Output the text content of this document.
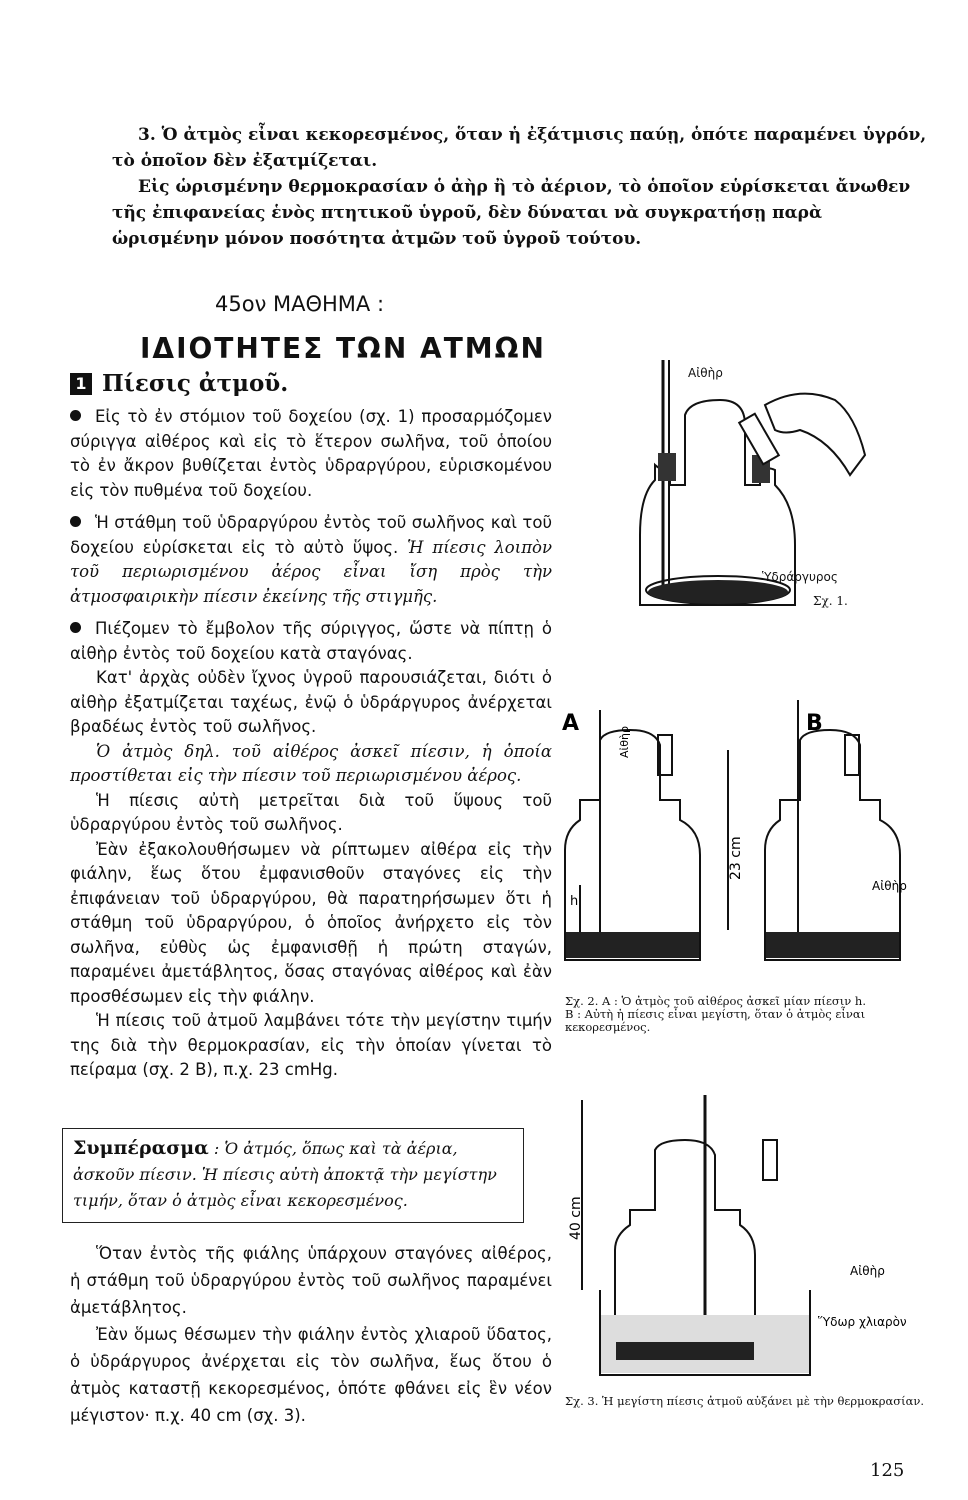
3. Ὁ ἀτμὸς εἶναι κεκορεσμένος, ὅταν ἡ ἐξάτμισις παύῃ, ὁπότε παραμένει ὑγρόν, τὸ ὁποῖον δὲν ἐξατμίζεται.

Εἰς ὡρισμένην θερμοκρασίαν ὁ ἀὴρ ἢ τὸ ἀέριον, τὸ ὁποῖον εὑρίσκεται ἄνωθεν τῆς ἐπιφανείας ἑνὸς πτητικοῦ ὑγροῦ, δὲν δύναται νὰ συγκρατήσῃ παρὰ ὡρισμένην μόνον ποσότητα ἀτμῶν τοῦ ὑγροῦ τούτου.

45ον ΜΑΘΗΜΑ :
ΙΔΙΟΤΗΤΕΣ ΤΩΝ ΑΤΜΩΝ
1 Πίεσις ἀτμοῦ.

Εἰς τὸ ἐν στόμιον τοῦ δοχείου (σχ. 1) προσαρμόζομεν σύριγγα αἰθέρος καὶ εἰς τὸ ἕτερον σωλῆνα, τοῦ ὁποίου τὸ ἐν ἄκρον βυθίζεται ἐντὸς ὑδραργύρου, εὑρισκομένου εἰς τὸν πυθμένα τοῦ δοχείου.

Ἡ στάθμη τοῦ ὑδραργύρου ἐντὸς τοῦ σωλῆνος καὶ τοῦ δοχείου εὑρίσκεται εἰς τὸ αὐτὸ ὕψος. Ἡ πίεσις λοιπὸν τοῦ περιωρισμένου ἀέρος εἶναι ἴση πρὸς τὴν ἀτμοσφαιρικὴν πίεσιν ἐκείνης τῆς στιγμῆς.

Πιέζομεν τὸ ἔμβολον τῆς σύριγγος, ὥστε νὰ πίπτῃ ὁ αἰθὴρ ἐντὸς τοῦ δοχείου κατὰ σταγόνας.

Κατ' ἀρχὰς οὐδὲν ἴχνος ὑγροῦ παρουσιάζεται, διότι ὁ αἰθὴρ ἐξατμίζεται ταχέως, ἐνῷ ὁ ὑδράργυρος ἀνέρχεται βραδέως ἐντὸς τοῦ σωλῆνος.

Ὁ ἀτμὸς δηλ. τοῦ αἰθέρος ἀσκεῖ πίεσιν, ἡ ὁποία προστίθεται εἰς τὴν πίεσιν τοῦ περιωρισμένου ἀέρος.

Ἡ πίεσις αὐτὴ μετρεῖται διὰ τοῦ ὕψους τοῦ ὑδραργύρου ἐντὸς τοῦ σωλῆνος.

Ἐὰν ἐξακολουθήσωμεν νὰ ρίπτωμεν αἰθέρα εἰς τὴν φιάλην, ἕως ὅτου ἐμφανισθοῦν σταγόνες εἰς τὴν ἐπιφάνειαν τοῦ ὑδραργύρου, θὰ παρατηρήσωμεν ὅτι ἡ στάθμη τοῦ ὑδραργύρου, ὁ ὁποῖος ἀνήρχετο εἰς τὸν σωλῆνα, εὐθὺς ὡς ἐμφανισθῇ ἡ πρώτη σταγών, παραμένει ἀμετάβλητος, ὅσας σταγόνας αἰθέρος καὶ ἐὰν προσθέσωμεν εἰς τὴν φιάλην.

Ἡ πίεσις τοῦ ἀτμοῦ λαμβάνει τότε τὴν μεγίστην τιμήν της διὰ τὴν θερμοκρασίαν, εἰς τὴν ὁποίαν γίνεται τὸ πείραμα (σχ. 2 Β), π.χ. 23 cmHg.

Συμπέρασμα : Ὁ ἀτμός, ὅπως καὶ τὰ ἀέρια, ἀσκοῦν πίεσιν. Ἡ πίεσις αὐτὴ ἀποκτᾷ τὴν μεγίστην τιμήν, ὅταν ὁ ἀτμὸς εἶναι κεκορεσμένος.

Ὅταν ἐντὸς τῆς φιάλης ὑπάρχουν σταγόνες αἰθέρος, ἡ στάθμη τοῦ ὑδραργύρου ἐντὸς τοῦ σωλῆνος παραμένει ἀμετάβλητος.

Ἐὰν ὅμως θέσωμεν τὴν φιάλην ἐντὸς χλιαροῦ ὕδατος, ὁ ὑδράργυρος ἀνέρχεται εἰς τὸν σωλῆνα, ἕως ὅτου ὁ ἀτμὸς καταστῇ κεκορεσμένος, ὁπότε φθάνει εἰς ἓν νέον μέγιστον· π.χ. 40 cm (σχ. 3).

Αἰθὴρ
Ὑδράργυρος
Σχ. 1.
A	B
Αἰθὴρ
Αἰθὴρ
h
23 cm
Σχ. 2. Α : Ὁ ἀτμὸς τοῦ αἰθέρος ἀσκεῖ μίαν πίεσιν h.
Β : Αὐτὴ ἡ πίεσις εἶναι μεγίστη, ὅταν ὁ ἀτμὸς εἶναι κεκορεσμένος.
40 cm
Αἰθὴρ
Ὕδωρ χλιαρὸν
Σχ. 3. Ἡ μεγίστη πίεσις ἀτμοῦ αὐξάνει μὲ τὴν θερμοκρασίαν.
125
